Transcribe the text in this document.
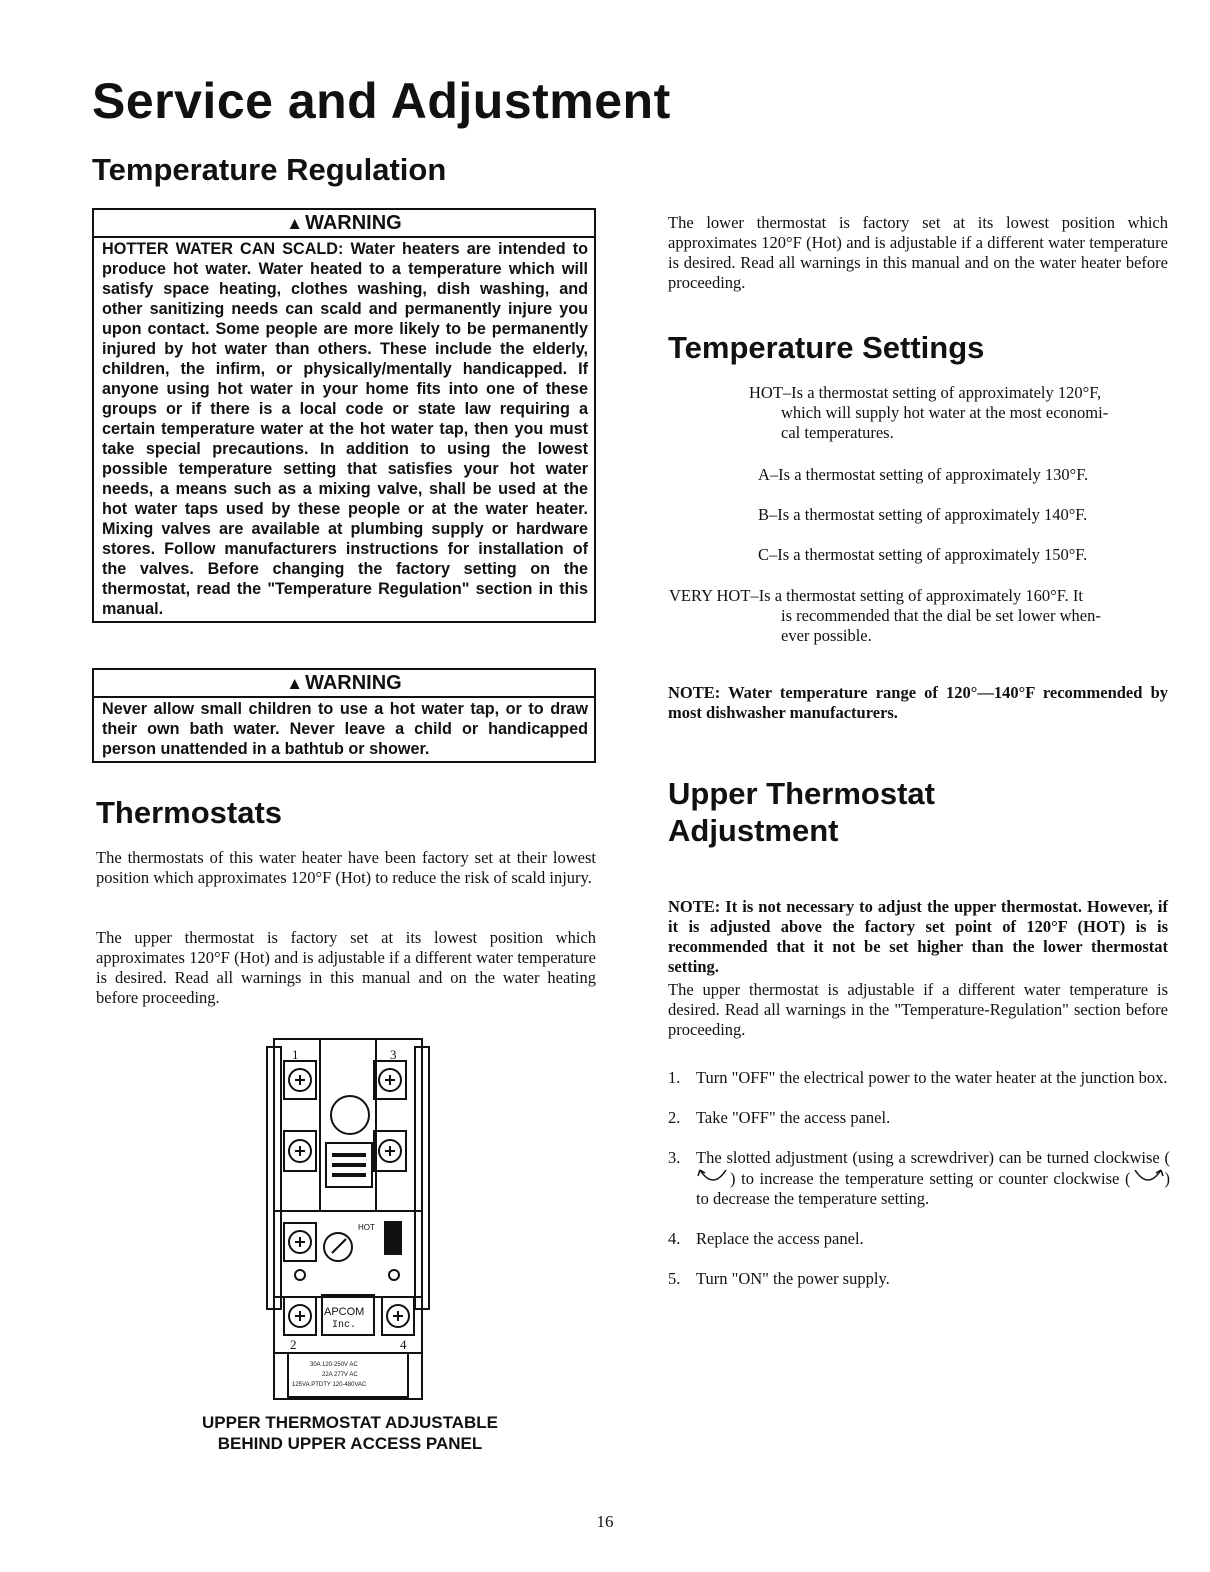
Service and Adjustment
Temperature Regulation
▲ WARNING
HOTTER WATER CAN SCALD: Water heaters are intended to produce hot water. Water heated to a temperature which will satisfy space heating, clothes washing, dish washing, and other sanitizing needs can scald and permanently injure you upon contact. Some people are more likely to be permanently injured by hot water than others. These include the elderly, children, the infirm, or physically/mentally handicapped. If anyone using hot water in your home fits into one of these groups or if there is a local code or state law requiring a certain temperature water at the hot water tap, then you must take special precautions. In addition to using the lowest possible temperature setting that satisfies your hot water needs, a means such as a mixing valve, shall be used at the hot water taps used by these people or at the water heater. Mixing valves are available at plumbing supply or hardware stores. Follow manufacturers instructions for installation of the valves. Before changing the factory setting on the thermostat, read the "Temperature Regulation" section in this manual.
▲ WARNING
Never allow small children to use a hot water tap, or to draw their own bath water. Never leave a child or handicapped person unattended in a bathtub or shower.
Thermostats

The thermostats of this water heater have been factory set at their lowest position which approximates 120°F (Hot) to reduce the risk of scald injury.

The upper thermostat is factory set at its lowest position which approximates 120°F (Hot) and is adjustable if a different water temperature is desired. Read all warnings in this manual and on the water heating before proceeding.

1	3
2	4
HOT
APCOM
Inc.
30A 120-250V AC
22A 277V AC
125VA.PTDTY 120-480VAC
UPPER THERMOSTAT ADJUSTABLE
BEHIND UPPER ACCESS PANEL

The lower thermostat is factory set at its lowest position which approximates 120°F (Hot) and is adjustable if a different water temperature is desired. Read all warnings in this manual and on the water heater before proceeding.

Temperature Settings
HOT–Is a thermostat setting of approximately 120°F,
which will supply hot water at the most economi-
cal temperatures.
A–Is a thermostat setting of approximately 130°F.
B–Is a thermostat setting of approximately 140°F.
C–Is a thermostat setting of approximately 150°F.
VERY HOT–Is a thermostat setting of approximately 160°F. It
is recommended that the dial be set lower when-
ever possible.

NOTE: Water temperature range of 120°—140°F recommended by most dishwasher manufacturers.

Upper Thermostat
Adjustment

NOTE: It is not necessary to adjust the upper thermostat. However, if it is adjusted above the factory set point of 120°F (HOT) is is recommended that it not be set higher than the lower thermostat setting.

The upper thermostat is adjustable if a different water temperature is desired. Read all warnings in the "Temperature-Regulation" section before proceeding.

1. Turn "OFF" the electrical power to the water heater at the junction box.
2. Take "OFF" the access panel.
3. The slotted adjustment (using a screwdriver) can be turned clockwise () to increase the temperature setting or counter clockwise ( ) to decrease the temperature setting.
4. Replace the access panel.
5. Turn "ON" the power supply.
16
